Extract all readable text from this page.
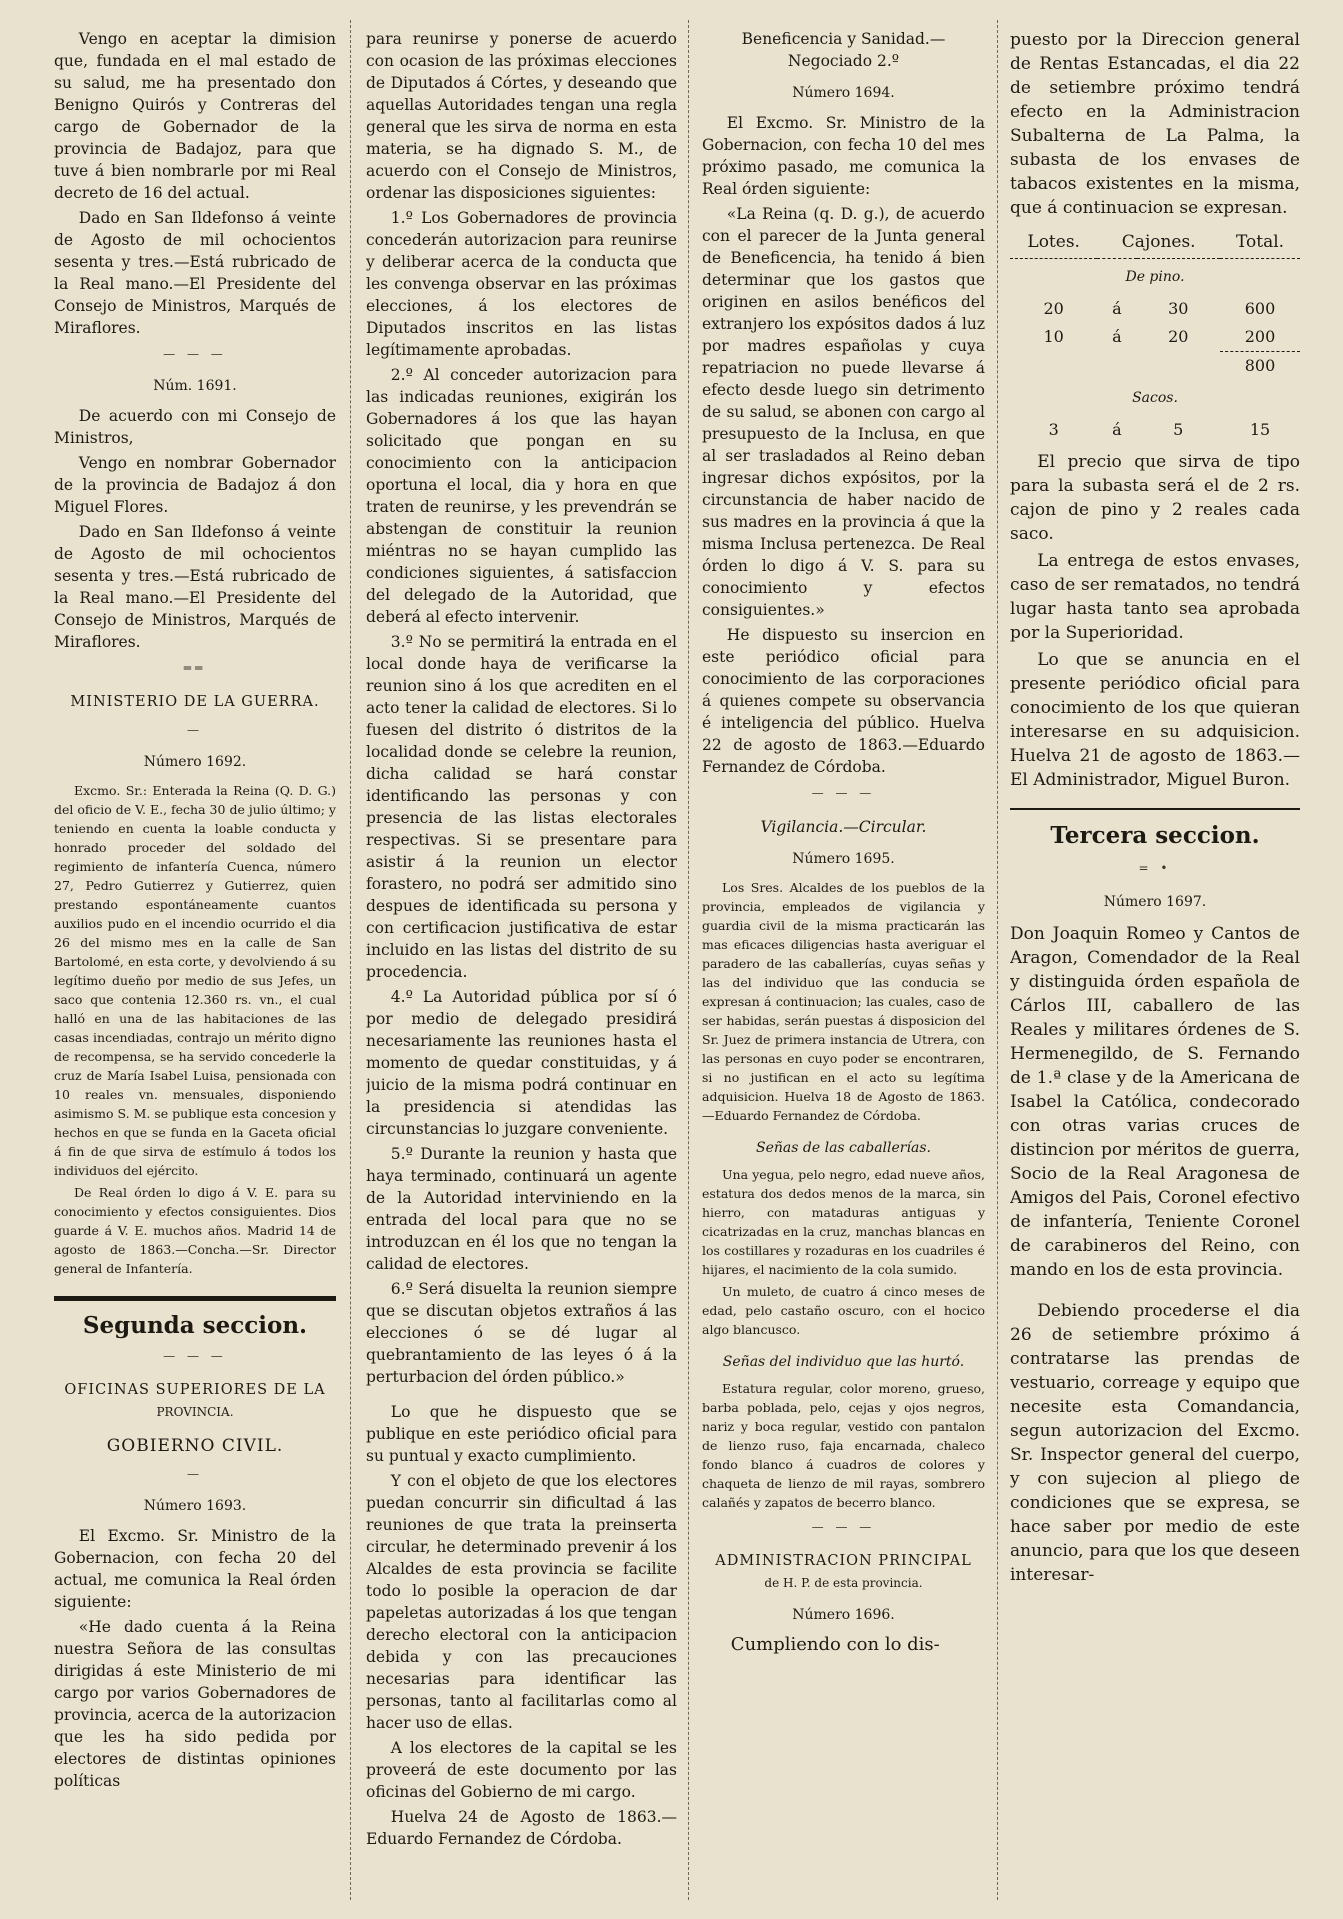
Vengo en aceptar la dimision que, fundada en el mal estado de su salud, me ha presentado don Benigno Quirós y Contreras del cargo de Gobernador de la provincia de Badajoz, para que tuve á bien nombrarle por mi Real decreto de 16 del actual.

Dado en San Ildefonso á veinte de Agosto de mil ochocientos sesenta y tres.—Está rubricado de la Real mano.—El Presidente del Consejo de Ministros, Marqués de Miraflores.

— — —
Núm. 1691.

De acuerdo con mi Consejo de Ministros,

Vengo en nombrar Gobernador de la provincia de Badajoz á don Miguel Flores.

Dado en San Ildefonso á veinte de Agosto de mil ochocientos sesenta y tres.—Está rubricado de la Real mano.—El Presidente del Consejo de Ministros, Marqués de Miraflores.

══
MINISTERIO DE LA GUERRA.
—
Número 1692.

Excmo. Sr.: Enterada la Reina (Q. D. G.) del oficio de V. E., fecha 30 de julio último; y teniendo en cuenta la loable conducta y honrado proceder del soldado del regimiento de infantería Cuenca, número 27, Pedro Gutierrez y Gutierrez, quien prestando espontáneamente cuantos auxilios pudo en el incendio ocurrido el dia 26 del mismo mes en la calle de San Bartolomé, en esta corte, y devolviendo á su legítimo dueño por medio de sus Jefes, un saco que contenia 12.360 rs. vn., el cual halló en una de las habitaciones de las casas incendiadas, contrajo un mérito digno de recompensa, se ha servido concederle la cruz de María Isabel Luisa, pensionada con 10 reales vn. mensuales, disponiendo asimismo S. M. se publique esta concesion y hechos en que se funda en la Gaceta oficial á fin de que sirva de estímulo á todos los individuos del ejército.

De Real órden lo digo á V. E. para su conocimiento y efectos consiguientes. Dios guarde á V. E. muchos años. Madrid 14 de agosto de 1863.—Concha.—Sr. Director general de Infantería.

Segunda seccion.
— — —
OFICINAS SUPERIORES DE LA
PROVINCIA.
GOBIERNO CIVIL.
—
Número 1693.

El Excmo. Sr. Ministro de la Gobernacion, con fecha 20 del actual, me comunica la Real órden siguiente:

«He dado cuenta á la Reina nuestra Señora de las consultas dirigidas á este Ministerio de mi cargo por varios Gobernadores de provincia, acerca de la autorizacion que les ha sido pedida por electores de distintas opiniones políticas

para reunirse y ponerse de acuerdo con ocasion de las próximas elecciones de Diputados á Córtes, y deseando que aquellas Autoridades tengan una regla general que les sirva de norma en esta materia, se ha dignado S. M., de acuerdo con el Consejo de Ministros, ordenar las disposiciones siguientes:

1.º Los Gobernadores de provincia concederán autorizacion para reunirse y deliberar acerca de la conducta que les convenga observar en las próximas elecciones, á los electores de Diputados inscritos en las listas legítimamente aprobadas.

2.º Al conceder autorizacion para las indicadas reuniones, exigirán los Gobernadores á los que las hayan solicitado que pongan en su conocimiento con la anticipacion oportuna el local, dia y hora en que traten de reunirse, y les prevendrán se abstengan de constituir la reunion miéntras no se hayan cumplido las condiciones siguientes, á satisfaccion del delegado de la Autoridad, que deberá al efecto intervenir.

3.º No se permitirá la entrada en el local donde haya de verificarse la reunion sino á los que acrediten en el acto tener la calidad de electores. Si lo fuesen del distrito ó distritos de la localidad donde se celebre la reunion, dicha calidad se hará constar identificando las personas y con presencia de las listas electorales respectivas. Si se presentare para asistir á la reunion un elector forastero, no podrá ser admitido sino despues de identificada su persona y con certificacion justificativa de estar incluido en las listas del distrito de su procedencia.

4.º La Autoridad pública por sí ó por medio de delegado presidirá necesariamente las reuniones hasta el momento de quedar constituidas, y á juicio de la misma podrá continuar en la presidencia si atendidas las circunstancias lo juzgare conveniente.

5.º Durante la reunion y hasta que haya terminado, continuará un agente de la Autoridad interviniendo en la entrada del local para que no se introduzcan en él los que no tengan la calidad de electores.

6.º Será disuelta la reunion siempre que se discutan objetos extraños á las elecciones ó se dé lugar al quebrantamiento de las leyes ó á la perturbacion del órden público.»

Lo que he dispuesto que se publique en este periódico oficial para su puntual y exacto cumplimiento.

Y con el objeto de que los electores puedan concurrir sin dificultad á las reuniones de que trata la preinserta circular, he determinado prevenir á los Alcaldes de esta provincia se facilite todo lo posible la operacion de dar papeletas autorizadas á los que tengan derecho electoral con la anticipacion debida y con las precauciones necesarias para identificar las personas, tanto al facilitarlas como al hacer uso de ellas.

A los electores de la capital se les proveerá de este documento por las oficinas del Gobierno de mi cargo.

Huelva 24 de Agosto de 1863.—Eduardo Fernandez de Córdoba.

Beneficencia y Sanidad.—Negociado 2.º

Número 1694.

El Excmo. Sr. Ministro de la Gobernacion, con fecha 10 del mes próximo pasado, me comunica la Real órden siguiente:

«La Reina (q. D. g.), de acuerdo con el parecer de la Junta general de Beneficencia, ha tenido á bien determinar que los gastos que originen en asilos benéficos del extranjero los expósitos dados á luz por madres españolas y cuya repatriacion no puede llevarse á efecto desde luego sin detrimento de su salud, se abonen con cargo al presupuesto de la Inclusa, en que al ser trasladados al Reino deban ingresar dichos expósitos, por la circunstancia de haber nacido de sus madres en la provincia á que la misma Inclusa pertenezca. De Real órden lo digo á V. S. para su conocimiento y efectos consiguientes.»

He dispuesto su insercion en este periódico oficial para conocimiento de las corporaciones á quienes compete su observancia é inteligencia del público. Huelva 22 de agosto de 1863.—Eduardo Fernandez de Córdoba.

— — —
Vigilancia.—Circular.
Número 1695.

Los Sres. Alcaldes de los pueblos de la provincia, empleados de vigilancia y guardia civil de la misma practicarán las mas eficaces diligencias hasta averiguar el paradero de las caballerías, cuyas señas y las del individuo que las conducia se expresan á continuacion; las cuales, caso de ser habidas, serán puestas á disposicion del Sr. Juez de primera instancia de Utrera, con las personas en cuyo poder se encontraren, si no justifican en el acto su legítima adquisicion. Huelva 18 de Agosto de 1863.—Eduardo Fernandez de Córdoba.

Señas de las caballerías.

Una yegua, pelo negro, edad nueve años, estatura dos dedos menos de la marca, sin hierro, con mataduras antiguas y cicatrizadas en la cruz, manchas blancas en los costillares y rozaduras en los cuadriles é hijares, el nacimiento de la cola sumido.

Un muleto, de cuatro á cinco meses de edad, pelo castaño oscuro, con el hocico algo blancusco.

Señas del individuo que las hurtó.

Estatura regular, color moreno, grueso, barba poblada, pelo, cejas y ojos negros, nariz y boca regular, vestido con pantalon de lienzo ruso, faja encarnada, chaleco fondo blanco á cuadros de colores y chaqueta de lienzo de mil rayas, sombrero calañés y zapatos de becerro blanco.

— — —
ADMINISTRACION PRINCIPAL
de H. P. de esta provincia.
Número 1696.

Cumpliendo con lo dis-

puesto por la Direccion general de Rentas Estancadas, el dia 22 de setiembre próximo tendrá efecto en la Administracion Subalterna de La Palma, la subasta de los envases de tabacos existentes en la misma, que á continuacion se expresan.

Lotes.	Cajones.		Total.
De pino.			
20	á	30	600
10	á	20	200
			800
Sacos.			
3	á	5	15

El precio que sirva de tipo para la subasta será el de 2 rs. cajon de pino y 2 reales cada saco.

La entrega de estos envases, caso de ser rematados, no tendrá lugar hasta tanto sea aprobada por la Superioridad.

Lo que se anuncia en el presente periódico oficial para conocimiento de los que quieran interesarse en su adquisicion. Huelva 21 de agosto de 1863.—El Administrador, Miguel Buron.

Tercera seccion.
= •
Número 1697.

Don Joaquin Romeo y Cantos de Aragon, Comendador de la Real y distinguida órden española de Cárlos III, caballero de las Reales y militares órdenes de S. Hermenegildo, de S. Fernando de 1.ª clase y de la Americana de Isabel la Católica, condecorado con otras varias cruces de distincion por méritos de guerra, Socio de la Real Aragonesa de Amigos del Pais, Coronel efectivo de infantería, Teniente Coronel de carabineros del Reino, con mando en los de esta provincia.

Debiendo procederse el dia 26 de setiembre próximo á contratarse las prendas de vestuario, correage y equipo que necesite esta Comandancia, segun autorizacion del Excmo. Sr. Inspector general del cuerpo, y con sujecion al pliego de condiciones que se expresa, se hace saber por medio de este anuncio, para que los que deseen interesar-
